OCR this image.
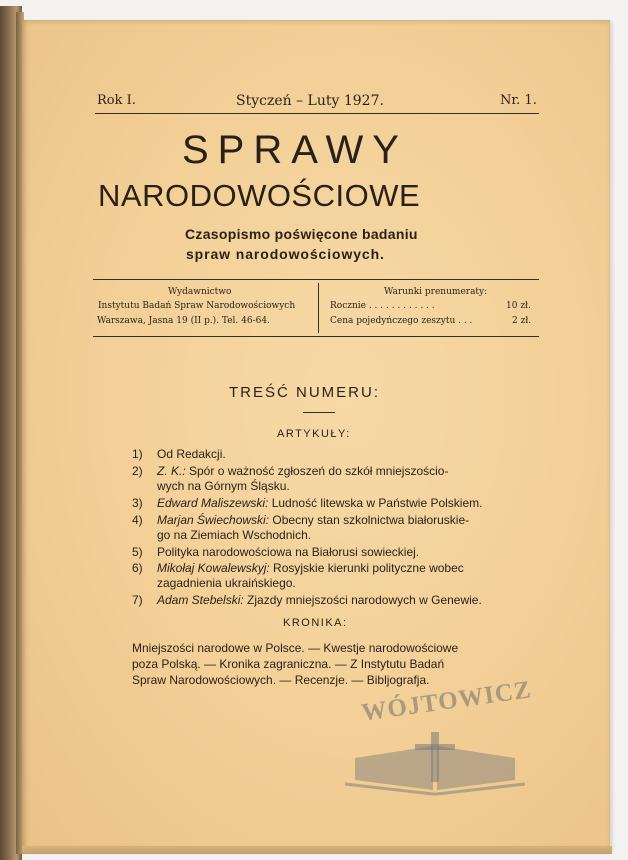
Rok I.	Styczeń – Luty 1927.	Nr. 1.
SPRAWY
NARODOWOŚCIOWE
Czasopismo poświęcone badaniu
spraw narodowościowych.
Wydawnictwo
Instytutu Badań Spraw Narodowościowych
Warszawa, Jasna 19 (II p.). Tel. 46-64.
Warunki prenumeraty:
Rocznie . . . . . . . . . . . .	10 zł.
Cena pojedyńczego zeszytu . . .	2 zł.
TREŚĆ NUMERU:
ARTYKUŁY:
1) Od Redakcji.
2) Z. K.: Spór o ważność zgłoszeń do szkół mniejszościo-
wych na Górnym Śląsku.
3) Edward Maliszewski: Ludność litewska w Państwie Polskiem.
4) Marjan Świechowski: Obecny stan szkolnictwa białoruskie-
go na Ziemiach Wschodnich.
5) Polityka narodowościowa na Białorusi sowieckiej.
6) Mikołaj Kowalewskyj: Rosyjskie kierunki polityczne wobec
zagadnienia ukraińskiego.
7) Adam Stebelski: Zjazdy mniejszości narodowych w Genewie.
KRONIKA:
Mniejszości narodowe w Polsce. — Kwestje narodowościowe
poza Polską. — Kronika zagraniczna. — Z Instytutu Badań
Spraw Narodowościowych. — Recenzje. — Bibljografja.
WÓJTOWICZ
